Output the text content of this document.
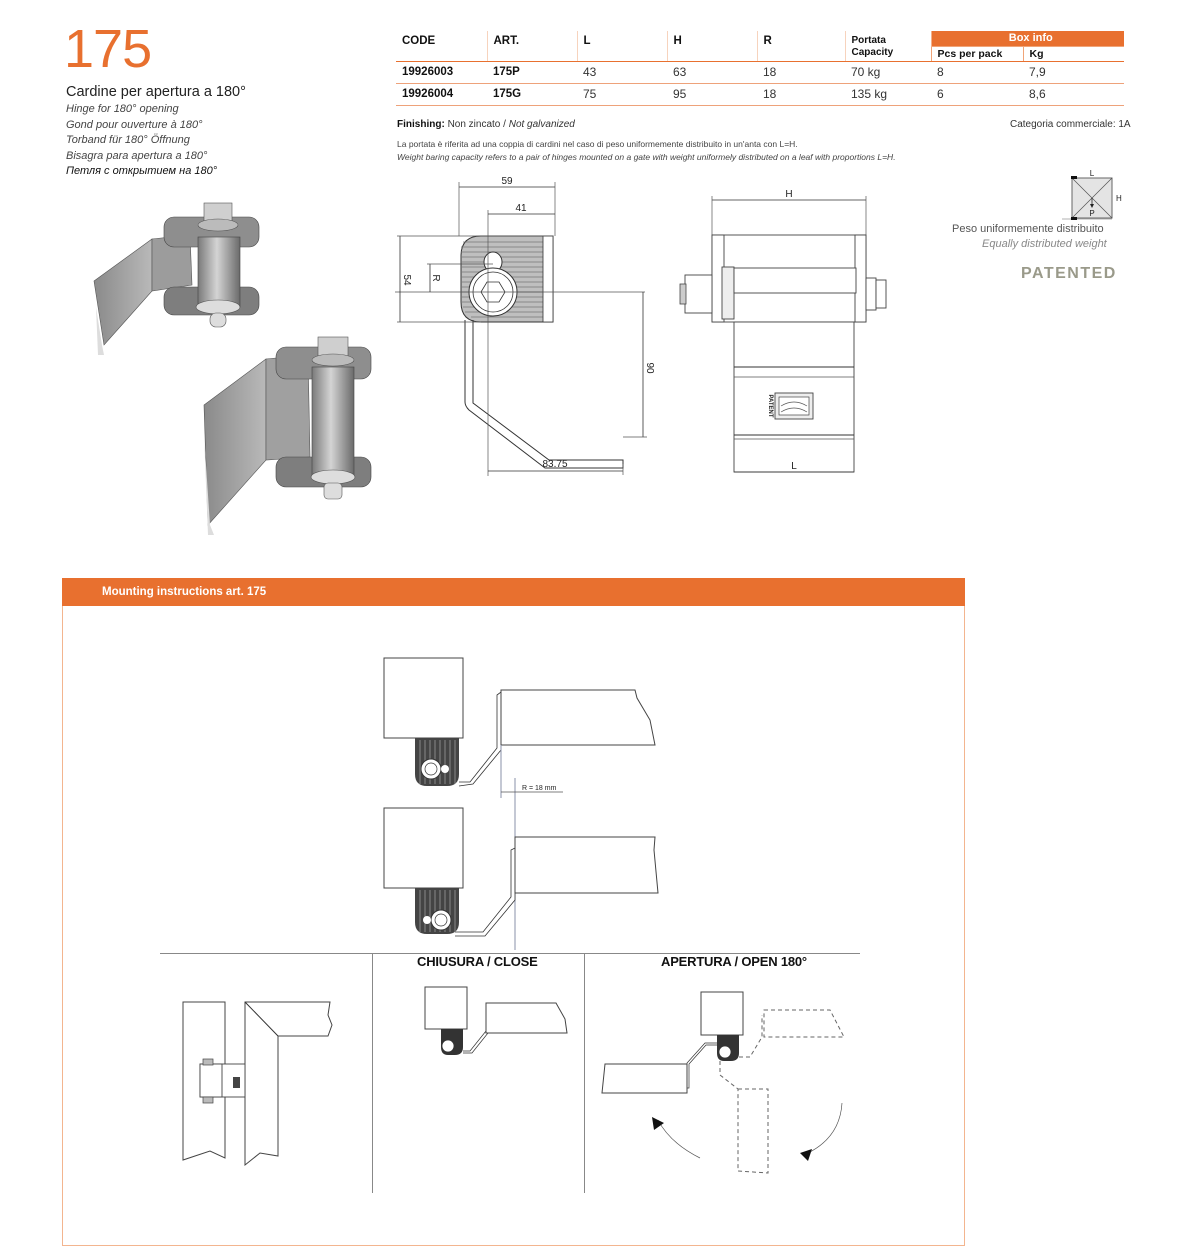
175
Cardine per apertura a 180°
Hinge for 180° opening
Gond pour ouverture à 180°
Torband für 180° Öffnung
Bisagra para apertura a 180°
Петля с открытием на 180°
CODE	ART.	L	H	R	Portata
Capacity	Box info	
						Pcs per pack	Kg
19926003	175P	43	63	18	70 kg	8	7,9
19926004	175G	75	95	18	135 kg	6	8,6
Finishing: Non zincato / Not galvanized	Categoria commerciale: 1A
La portata è riferita ad una coppia di cardini nel caso di peso uniformemente distribuito in un'anta con L=H.
Weight baring capacity refers to a pair of hinges mounted on a gate with weight uniformely distributed on a leaf with proportions L=H.
L
H
P
Peso uniformemente distribuito
Equally distributed weight
PATENTED
59
41
54 R
90
83.75
H
PATENT
L
Mounting instructions art. 175
R = 18 mm
CHIUSURA / CLOSE	APERTURA / OPEN 180°
